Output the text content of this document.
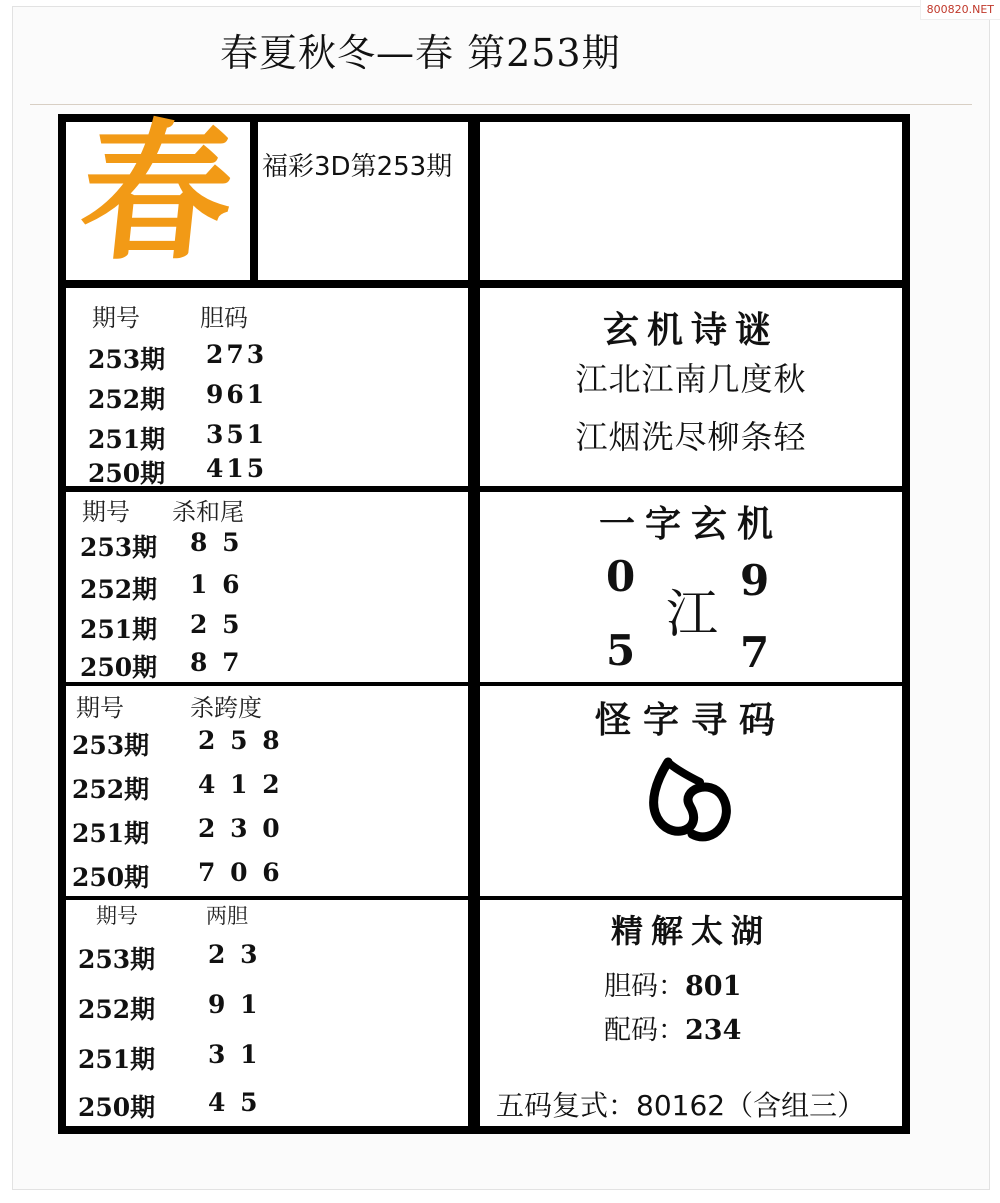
800820.NET
春夏秋冬—春 第253期
春 福彩3D第253期
期号	胆码
253期 273
252期 961
251期 351
250期 415
玄机诗谜
江北江南几度秋
江烟洗尽柳条轻
期号 杀和尾
253期 8 5
252期 1 6
251期 2 5
250期 8 7
一字玄机
0 9
江
5 7
期号	杀跨度
253期 2 5 8
252期 4 1 2
251期 2 3 0
250期 7 0 6
怪字寻码
期号	两胆
253期 2 3
252期 9 1
251期 3 1
250期 4 5
精解太湖
胆码：801
配码：234
五码复式：80162（含组三）
